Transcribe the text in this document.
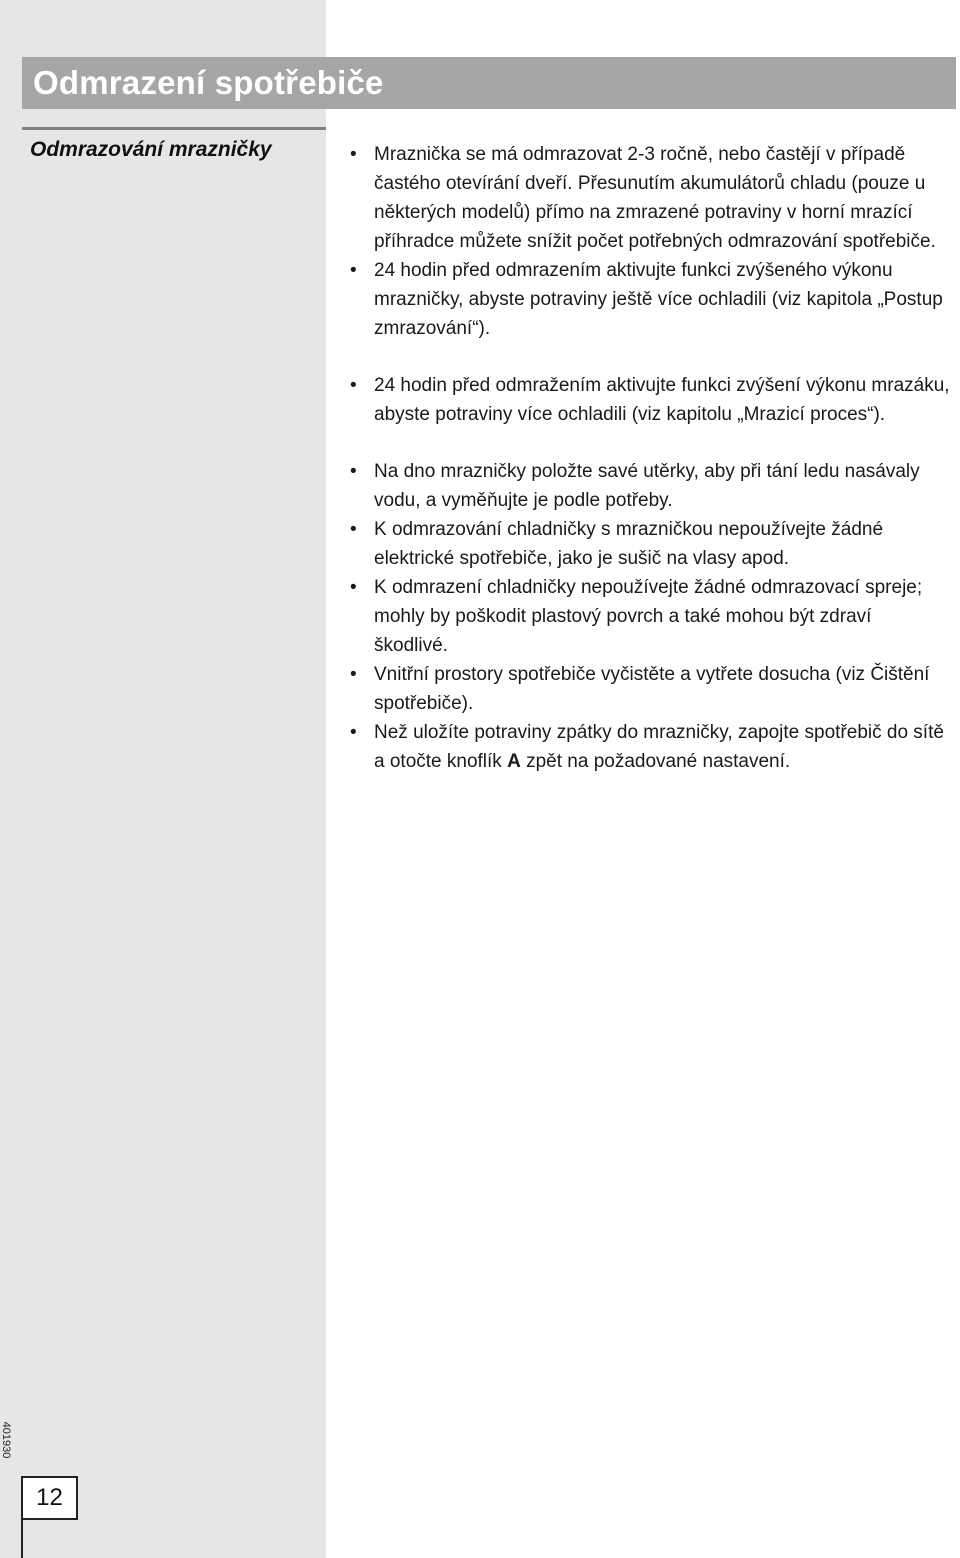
Odmrazení spotřebiče
Odmrazování mrazničky	• Mraznička se má odmrazovat 2-3 ročně, nebo častějí v případě častého otevírání dveří. Přesunutím akumulátorů chladu (pouze u některých modelů) přímo na zmrazené potraviny v horní mrazící příhradce můžete snížit počet potřebných odmrazování spotřebiče.
• 24 hodin před odmrazením aktivujte funkci zvýšeného výkonu mrazničky, abyste potraviny ještě více ochladili (viz kapitola „Postup zmrazování“).
• 24 hodin před odmražením aktivujte funkci zvýšení výkonu mrazáku, abyste potraviny více ochladili (viz kapitolu „Mrazicí proces“).
• Na dno mrazničky položte savé utěrky, aby při tání ledu nasávaly vodu, a vyměňujte je podle potřeby.
• K odmrazování chladničky s mrazničkou nepoužívejte žádné elektrické spotřebiče, jako je sušič na vlasy apod.
• K odmrazení chladničky nepoužívejte žádné odmrazovací spreje; mohly by poškodit plastový povrch a také mohou být zdraví škodlivé.
• Vnitřní prostory spotřebiče vyčistěte a vytřete dosucha (viz Čištění spotřebiče).
• Než uložíte potraviny zpátky do mrazničky, zapojte spotřebič do sítě a otočte knoflík A zpět na požadované nastavení.
401930
12
